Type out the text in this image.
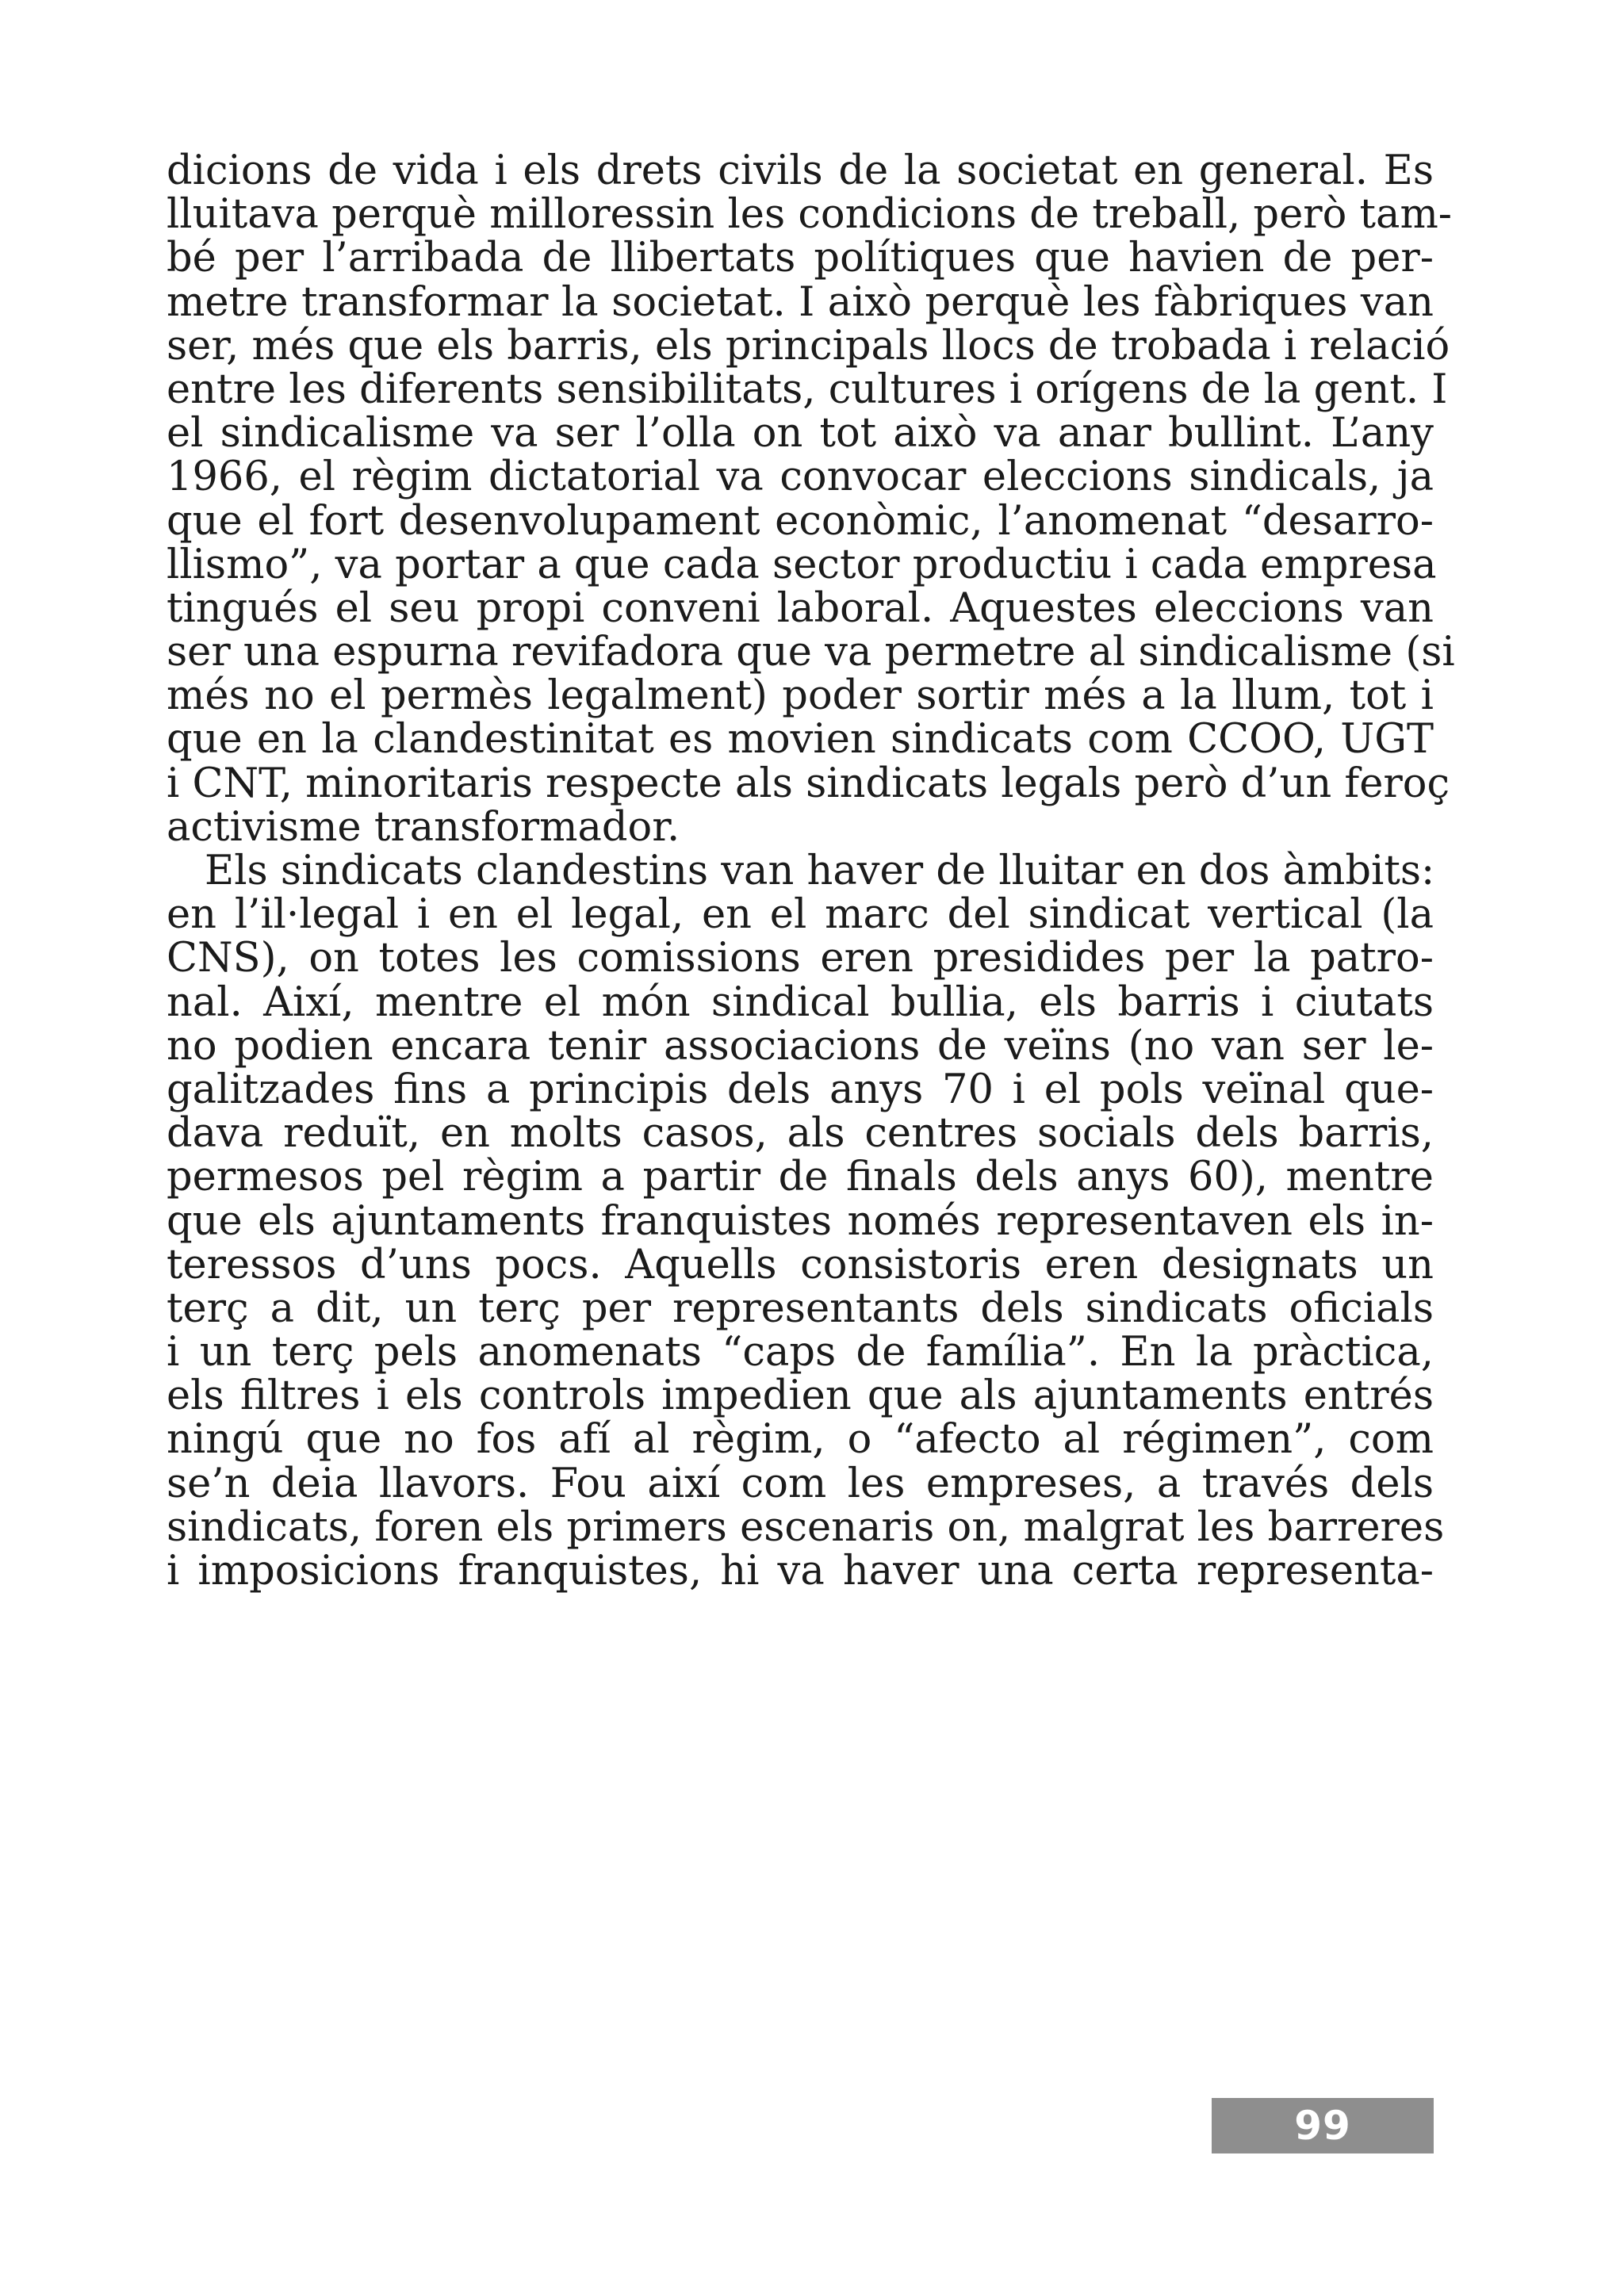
dicions de vida i els drets civils de la societat en general. Es
lluitava perquè milloressin les condicions de treball, però tam-
bé per l’arribada de llibertats polítiques que havien de per-
metre transformar la societat. I això perquè les fàbriques van
ser, més que els barris, els principals llocs de trobada i relació
entre les diferents sensibilitats, cultures i orígens de la gent. I
el sindicalisme va ser l’olla on tot això va anar bullint. L’any
1966, el règim dictatorial va convocar eleccions sindicals, ja
que el fort desenvolupament econòmic, l’anomenat “desarro-
llismo”, va portar a que cada sector productiu i cada empresa
tingués el seu propi conveni laboral. Aquestes eleccions van
ser una espurna revifadora que va permetre al sindicalisme (si
més no el permès legalment) poder sortir més a la llum, tot i
que en la clandestinitat es movien sindicats com CCOO, UGT
i CNT, minoritaris respecte als sindicats legals però d’un feroç
activisme transformador.
Els sindicats clandestins van haver de lluitar en dos àmbits:
en l’il·legal i en el legal, en el marc del sindicat vertical (la
CNS), on totes les comissions eren presidides per la patro-
nal. Així, mentre el món sindical bullia, els barris i ciutats
no podien encara tenir associacions de veïns (no van ser le-
galitzades fins a principis dels anys 70 i el pols veïnal que-
dava reduït, en molts casos, als centres socials dels barris,
permesos pel règim a partir de finals dels anys 60), mentre
que els ajuntaments franquistes només representaven els in-
teressos d’uns pocs. Aquells consistoris eren designats un
terç a dit, un terç per representants dels sindicats oficials
i un terç pels anomenats “caps de família”. En la pràctica,
els filtres i els controls impedien que als ajuntaments entrés
ningú que no fos afí al règim, o “afecto al régimen”, com
se’n deia llavors. Fou així com les empreses, a través dels
sindicats, foren els primers escenaris on, malgrat les barreres
i imposicions franquistes, hi va haver una certa representa-
99
